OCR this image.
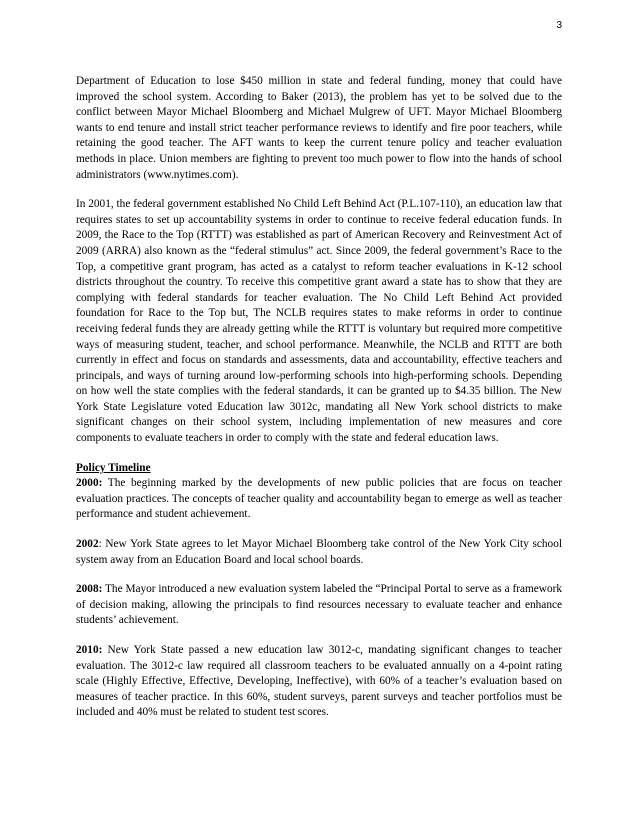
3

Department of Education to lose $450 million in state and federal funding, money that could have improved the school system. According to Baker (2013), the problem has yet to be solved due to the conflict between Mayor Michael Bloomberg and Michael Mulgrew of UFT. Mayor Michael Bloomberg wants to end tenure and install strict teacher performance reviews to identify and fire poor teachers, while retaining the good teacher. The AFT wants to keep the current tenure policy and teacher evaluation methods in place. Union members are fighting to prevent too much power to flow into the hands of school administrators (www.nytimes.com).

In 2001, the federal government established No Child Left Behind Act (P.L.107-110), an education law that requires states to set up accountability systems in order to continue to receive federal education funds. In 2009, the Race to the Top (RTTT) was established as part of American Recovery and Reinvestment Act of 2009 (ARRA) also known as the “federal stimulus” act. Since 2009, the federal government’s Race to the Top, a competitive grant program, has acted as a catalyst to reform teacher evaluations in K-12 school districts throughout the country. To receive this competitive grant award a state has to show that they are complying with federal standards for teacher evaluation. The No Child Left Behind Act provided foundation for Race to the Top but, The NCLB requires states to make reforms in order to continue receiving federal funds they are already getting while the RTTT is voluntary but required more competitive ways of measuring student, teacher, and school performance. Meanwhile, the NCLB and RTTT are both currently in effect and focus on standards and assessments, data and accountability, effective teachers and principals, and ways of turning around low-performing schools into high-performing schools. Depending on how well the state complies with the federal standards, it can be granted up to $4.35 billion. The New York State Legislature voted Education law 3012c, mandating all New York school districts to make significant changes on their school system, including implementation of new measures and core components to evaluate teachers in order to comply with the state and federal education laws.

Policy Timeline

2000: The beginning marked by the developments of new public policies that are focus on teacher evaluation practices. The concepts of teacher quality and accountability began to emerge as well as teacher performance and student achievement.

2002: New York State agrees to let Mayor Michael Bloomberg take control of the New York City school system away from an Education Board and local school boards.

2008: The Mayor introduced a new evaluation system labeled the “Principal Portal to serve as a framework of decision making, allowing the principals to find resources necessary to evaluate teacher and enhance students’ achievement.

2010: New York State passed a new education law 3012-c, mandating significant changes to teacher evaluation. The 3012-c law required all classroom teachers to be evaluated annually on a 4-point rating scale (Highly Effective, Effective, Developing, Ineffective), with 60% of a teacher’s evaluation based on measures of teacher practice. In this 60%, student surveys, parent surveys and teacher portfolios must be included and 40% must be related to student test scores.
